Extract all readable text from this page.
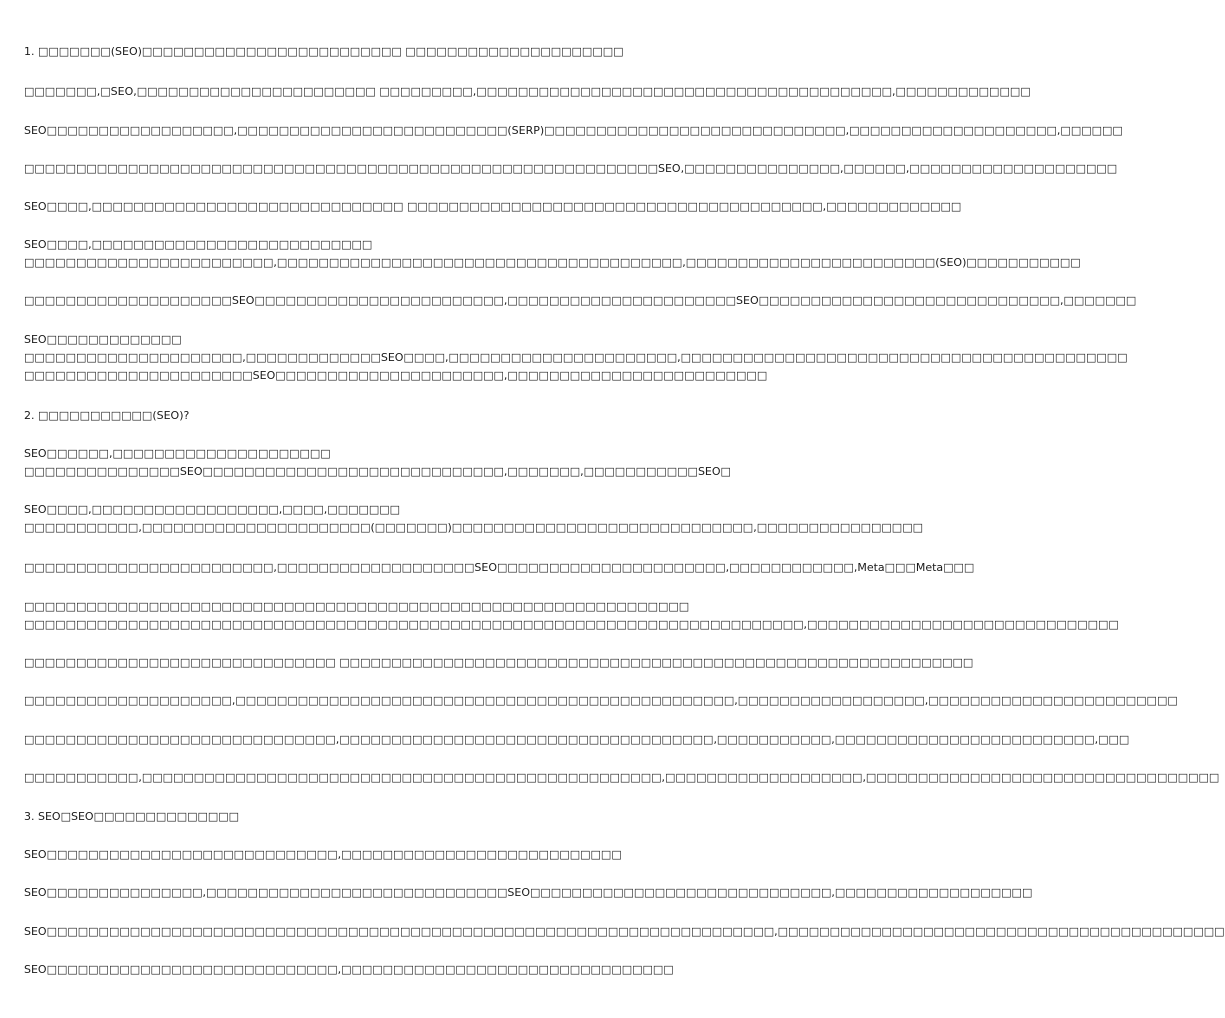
1. □□□□□□□(SEO)□□□□□□□□□□□□□□□□□□□□□□□□□ □□□□□□□□□□□□□□□□□□□□□
□□□□□□□,□SEO,□□□□□□□□□□□□□□□□□□□□□□□ □□□□□□□□□,□□□□□□□□□□□□□□□□□□□□□□□□□□□□□□□□□□□□□□□□,□□□□□□□□□□□□□
SEO□□□□□□□□□□□□□□□□□□,□□□□□□□□□□□□□□□□□□□□□□□□□□(SERP)□□□□□□□□□□□□□□□□□□□□□□□□□□□□□,□□□□□□□□□□□□□□□□□□□□,□□□□□□
□□□□□□□□□□□□□□□□□□□□□□□□□□□□□□□□□□□□□□□□□□□□□□□□□□□□□□□□□□□□□SEO,□□□□□□□□□□□□□□□,□□□□□□,□□□□□□□□□□□□□□□□□□□□
SEO□□□□,□□□□□□□□□□□□□□□□□□□□□□□□□□□□□□ □□□□□□□□□□□□□□□□□□□□□□□□□□□□□□□□□□□□□□□□,□□□□□□□□□□□□□
SEO□□□□,□□□□□□□□□□□□□□□□□□□□□□□□□□□
□□□□□□□□□□□□□□□□□□□□□□□□,□□□□□□□□□□□□□□□□□□□□□□□□□□□□□□□□□□□□□□□,□□□□□□□□□□□□□□□□□□□□□□□□(SEO)□□□□□□□□□□□
□□□□□□□□□□□□□□□□□□□□SEO□□□□□□□□□□□□□□□□□□□□□□□□,□□□□□□□□□□□□□□□□□□□□□□SEO□□□□□□□□□□□□□□□□□□□□□□□□□□□□□,□□□□□□□
SEO□□□□□□□□□□□□□
□□□□□□□□□□□□□□□□□□□□□,□□□□□□□□□□□□□SEO□□□□,□□□□□□□□□□□□□□□□□□□□□□,□□□□□□□□□□□□□□□□□□□□□□□□□□□□□□□□□□□□□□□□□□□
□□□□□□□□□□□□□□□□□□□□□□SEO□□□□□□□□□□□□□□□□□□□□□□,□□□□□□□□□□□□□□□□□□□□□□□□□
2. □□□□□□□□□□□(SEO)?
SEO□□□□□□,□□□□□□□□□□□□□□□□□□□□□
□□□□□□□□□□□□□□□SEO□□□□□□□□□□□□□□□□□□□□□□□□□□□□□,□□□□□□□,□□□□□□□□□□□SEO□
SEO□□□□,□□□□□□□□□□□□□□□□□□,□□□□,□□□□□□□
□□□□□□□□□□□,□□□□□□□□□□□□□□□□□□□□□□(□□□□□□□)□□□□□□□□□□□□□□□□□□□□□□□□□□□□□,□□□□□□□□□□□□□□□□
□□□□□□□□□□□□□□□□□□□□□□□□,□□□□□□□□□□□□□□□□□□□SEO□□□□□□□□□□□□□□□□□□□□□□,□□□□□□□□□□□□,Meta□□□Meta□□□
□□□□□□□□□□□□□□□□□□□□□□□□□□□□□□□□□□□□□□□□□□□□□□□□□□□□□□□□□□□□□□□□
□□□□□□□□□□□□□□□□□□□□□□□□□□□□□□□□□□□□□□□□□□□□□□□□□□□□□□□□□□□□□□□□□□□□□□□□□□□,□□□□□□□□□□□□□□□□□□□□□□□□□□□□□□
□□□□□□□□□□□□□□□□□□□□□□□□□□□□□□ □□□□□□□□□□□□□□□□□□□□□□□□□□□□□□□□□□□□□□□□□□□□□□□□□□□□□□□□□□□□□
□□□□□□□□□□□□□□□□□□□□,□□□□□□□□□□□□□□□□□□□□□□□□□□□□□□□□□□□□□□□□□□□□□□□□,□□□□□□□□□□□□□□□□□□,□□□□□□□□□□□□□□□□□□□□□□□□
□□□□□□□□□□□□□□□□□□□□□□□□□□□□□□,□□□□□□□□□□□□□□□□□□□□□□□□□□□□□□□□□□□□,□□□□□□□□□□□,□□□□□□□□□□□□□□□□□□□□□□□□□,□□□
□□□□□□□□□□□,□□□□□□□□□□□□□□□□□□□□□□□□□□□□□□□□□□□□□□□□□□□□□□□□□□,□□□□□□□□□□□□□□□□□□□,□□□□□□□□□□□□□□□□□□□□□□□□□□□□□□□□□□
3. SEO□SEO□□□□□□□□□□□□□□
SEO□□□□□□□□□□□□□□□□□□□□□□□□□□□□,□□□□□□□□□□□□□□□□□□□□□□□□□□□
SEO□□□□□□□□□□□□□□□,□□□□□□□□□□□□□□□□□□□□□□□□□□□□□SEO□□□□□□□□□□□□□□□□□□□□□□□□□□□□□,□□□□□□□□□□□□□□□□□□□
SEO□□□□□□□□□□□□□□□□□□□□□□□□□□□□□□□□□□□□□□□□□□□□□□□□□□□□□□□□□□□□□□□□□□□□□□,□□□□□□□□□□□□□□□□□□□□□□□□□□□□□□□□□□□□□□□□□□□
SEO□□□□□□□□□□□□□□□□□□□□□□□□□□□□,□□□□□□□□□□□□□□□□□□□□□□□□□□□□□□□□
